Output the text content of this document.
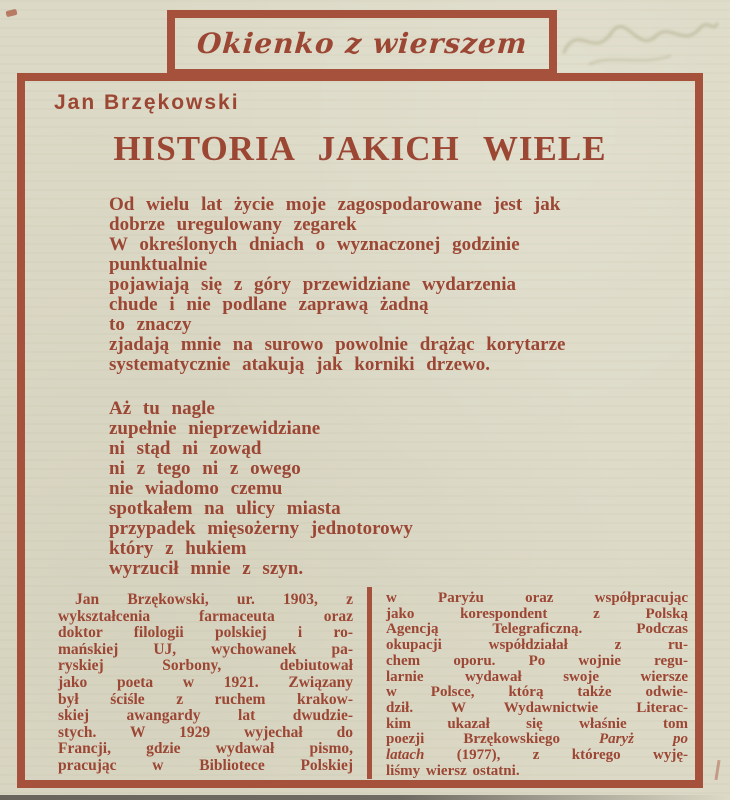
Okienko z wierszem
Jan Brzękowski
HISTORIA JAKICH WIELE
Od wielu lat życie moje zagospodarowane jest jak
dobrze uregulowany zegarek
W określonych dniach o wyznaczonej godzinie
punktualnie
pojawiają się z góry przewidziane wydarzenia
chude i nie podlane zaprawą żadną
to znaczy
zjadają mnie na surowo powolnie drążąc korytarze
systematycznie atakują jak korniki drzewo.
Aż tu nagle
zupełnie nieprzewidziane
ni stąd ni zowąd
ni z tego ni z owego
nie wiadomo czemu
spotkałem na ulicy miasta
przypadek mięsożerny jednotorowy
który z hukiem
wyrzucił mnie z szyn.
Jan Brzękowski, ur. 1903, z
wykształcenia farmaceuta oraz
doktor filologii polskiej i ro-
mańskiej UJ, wychowanek pa-
ryskiej Sorbony, debiutował
jako poeta w 1921. Związany
był ściśle z ruchem krakow-
skiej awangardy lat dwudzie-
stych. W 1929 wyjechał do
Francji, gdzie wydawał pismo,
pracując w Bibliotece Polskiej
w Paryżu oraz współpracując
jako korespondent z Polską
Agencją Telegraficzną. Podczas
okupacji współdziałał z ru-
chem oporu. Po wojnie regu-
larnie wydawał swoje wiersze
w Polsce, którą także odwie-
dził. W Wydawnictwie Literac-
kim ukazał się właśnie tom
poezji Brzękowskiego Paryż po
latach (1977), z którego wyję-
liśmy wiersz ostatni.
